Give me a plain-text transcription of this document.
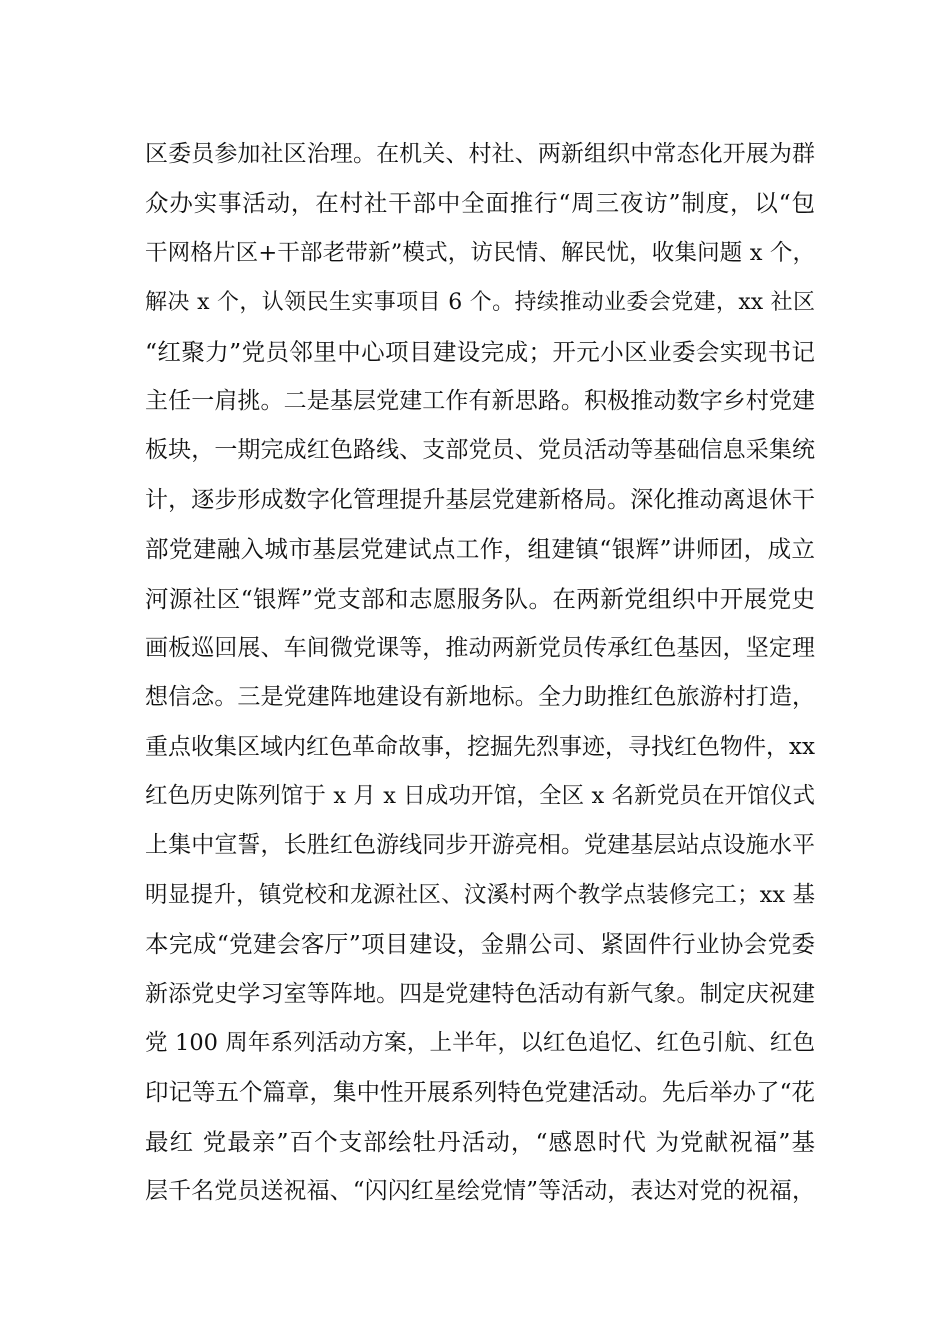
区委员参加社区治理。在机关、村社、两新组织中常态化开展为群
众办实事活动，在村社干部中全面推行“周三夜访”制度，以“包
干网格片区+干部老带新”模式，访民情、解民忧，收集问题 x 个，
解决 x 个，认领民生实事项目 6 个。持续推动业委会党建，xx 社区
“红聚力”党员邻里中心项目建设完成；开元小区业委会实现书记
主任一肩挑。二是基层党建工作有新思路。积极推动数字乡村党建
板块，一期完成红色路线、支部党员、党员活动等基础信息采集统
计，逐步形成数字化管理提升基层党建新格局。深化推动离退休干
部党建融入城市基层党建试点工作，组建镇“银辉”讲师团，成立
河源社区“银辉”党支部和志愿服务队。在两新党组织中开展党史
画板巡回展、车间微党课等，推动两新党员传承红色基因，坚定理
想信念。三是党建阵地建设有新地标。全力助推红色旅游村打造，
重点收集区域内红色革命故事，挖掘先烈事迹，寻找红色物件，xx
红色历史陈列馆于 x 月 x 日成功开馆，全区 x 名新党员在开馆仪式
上集中宣誓，长胜红色游线同步开游亮相。党建基层站点设施水平
明显提升，镇党校和龙源社区、汶溪村两个教学点装修完工；xx 基
本完成“党建会客厅”项目建设，金鼎公司、紧固件行业协会党委
新添党史学习室等阵地。四是党建特色活动有新气象。制定庆祝建
党 100 周年系列活动方案，上半年，以红色追忆、红色引航、红色
印记等五个篇章，集中性开展系列特色党建活动。先后举办了“花
最红 党最亲”百个支部绘牡丹活动，“感恩时代 为党献祝福”基
层千名党员送祝福、“闪闪红星绘党情”等活动，表达对党的祝福，
